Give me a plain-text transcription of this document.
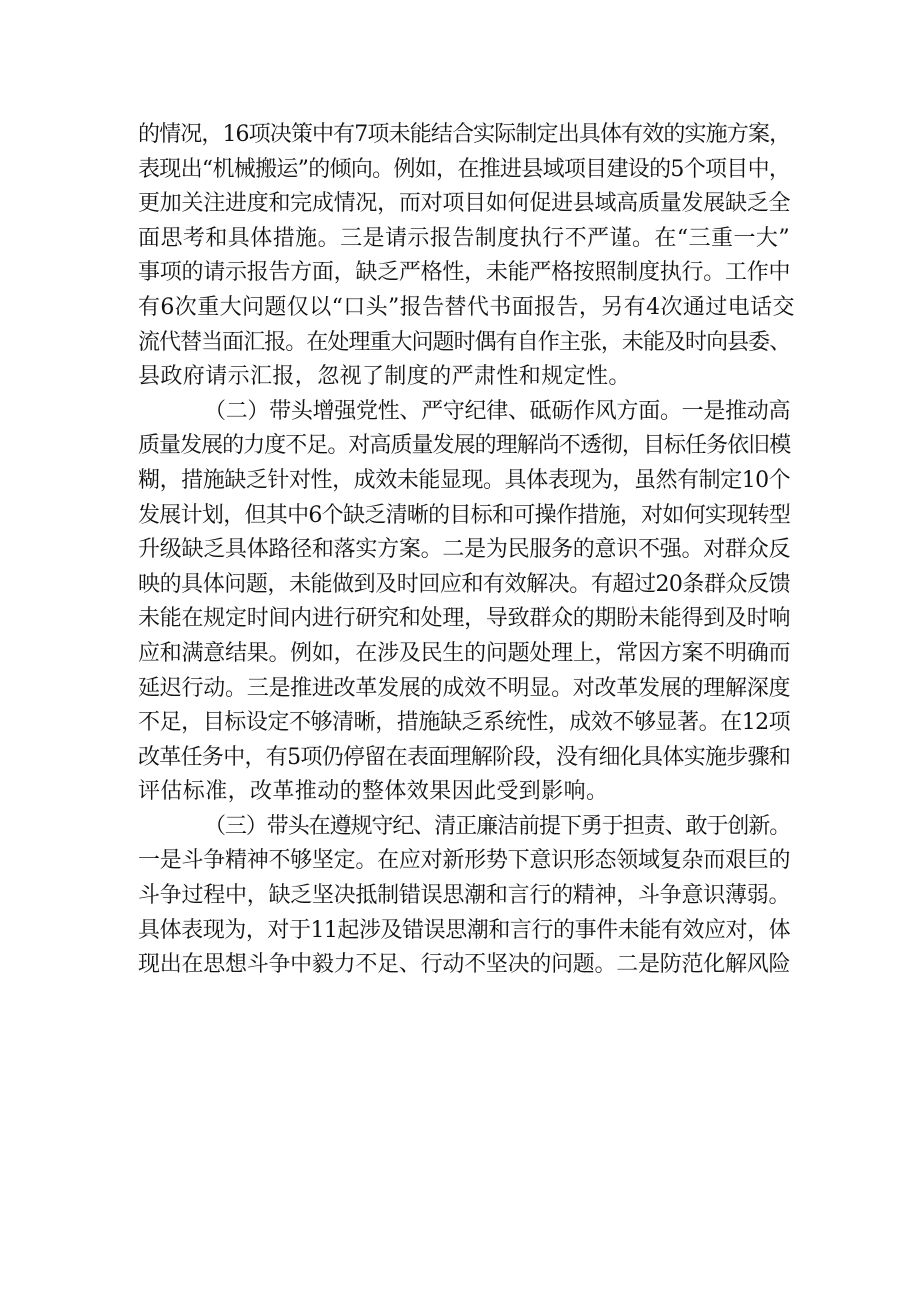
的情况，16项决策中有7项未能结合实际制定出具体有效的实施方案，
表现出“机械搬运”的倾向。例如，在推进县域项目建设的5个项目中，
更加关注进度和完成情况，而对项目如何促进县域高质量发展缺乏全
面思考和具体措施。三是请示报告制度执行不严谨。在“三重一大”
事项的请示报告方面，缺乏严格性，未能严格按照制度执行。工作中
有6次重大问题仅以“口头”报告替代书面报告，另有4次通过电话交
流代替当面汇报。在处理重大问题时偶有自作主张，未能及时向县委、
县政府请示汇报，忽视了制度的严肃性和规定性。
（二）带头增强党性、严守纪律、砥砺作风方面。一是推动高
质量发展的力度不足。对高质量发展的理解尚不透彻，目标任务依旧模
糊，措施缺乏针对性，成效未能显现。具体表现为，虽然有制定10个
发展计划，但其中6个缺乏清晰的目标和可操作措施，对如何实现转型
升级缺乏具体路径和落实方案。二是为民服务的意识不强。对群众反
映的具体问题，未能做到及时回应和有效解决。有超过20条群众反馈
未能在规定时间内进行研究和处理，导致群众的期盼未能得到及时响
应和满意结果。例如，在涉及民生的问题处理上，常因方案不明确而
延迟行动。三是推进改革发展的成效不明显。对改革发展的理解深度
不足，目标设定不够清晰，措施缺乏系统性，成效不够显著。在12项
改革任务中，有5项仍停留在表面理解阶段，没有细化具体实施步骤和
评估标准，改革推动的整体效果因此受到影响。
（三）带头在遵规守纪、清正廉洁前提下勇于担责、敢于创新。
一是斗争精神不够坚定。在应对新形势下意识形态领域复杂而艰巨的
斗争过程中，缺乏坚决抵制错误思潮和言行的精神，斗争意识薄弱。
具体表现为，对于11起涉及错误思潮和言行的事件未能有效应对，体
现出在思想斗争中毅力不足、行动不坚决的问题。二是防范化解风险
